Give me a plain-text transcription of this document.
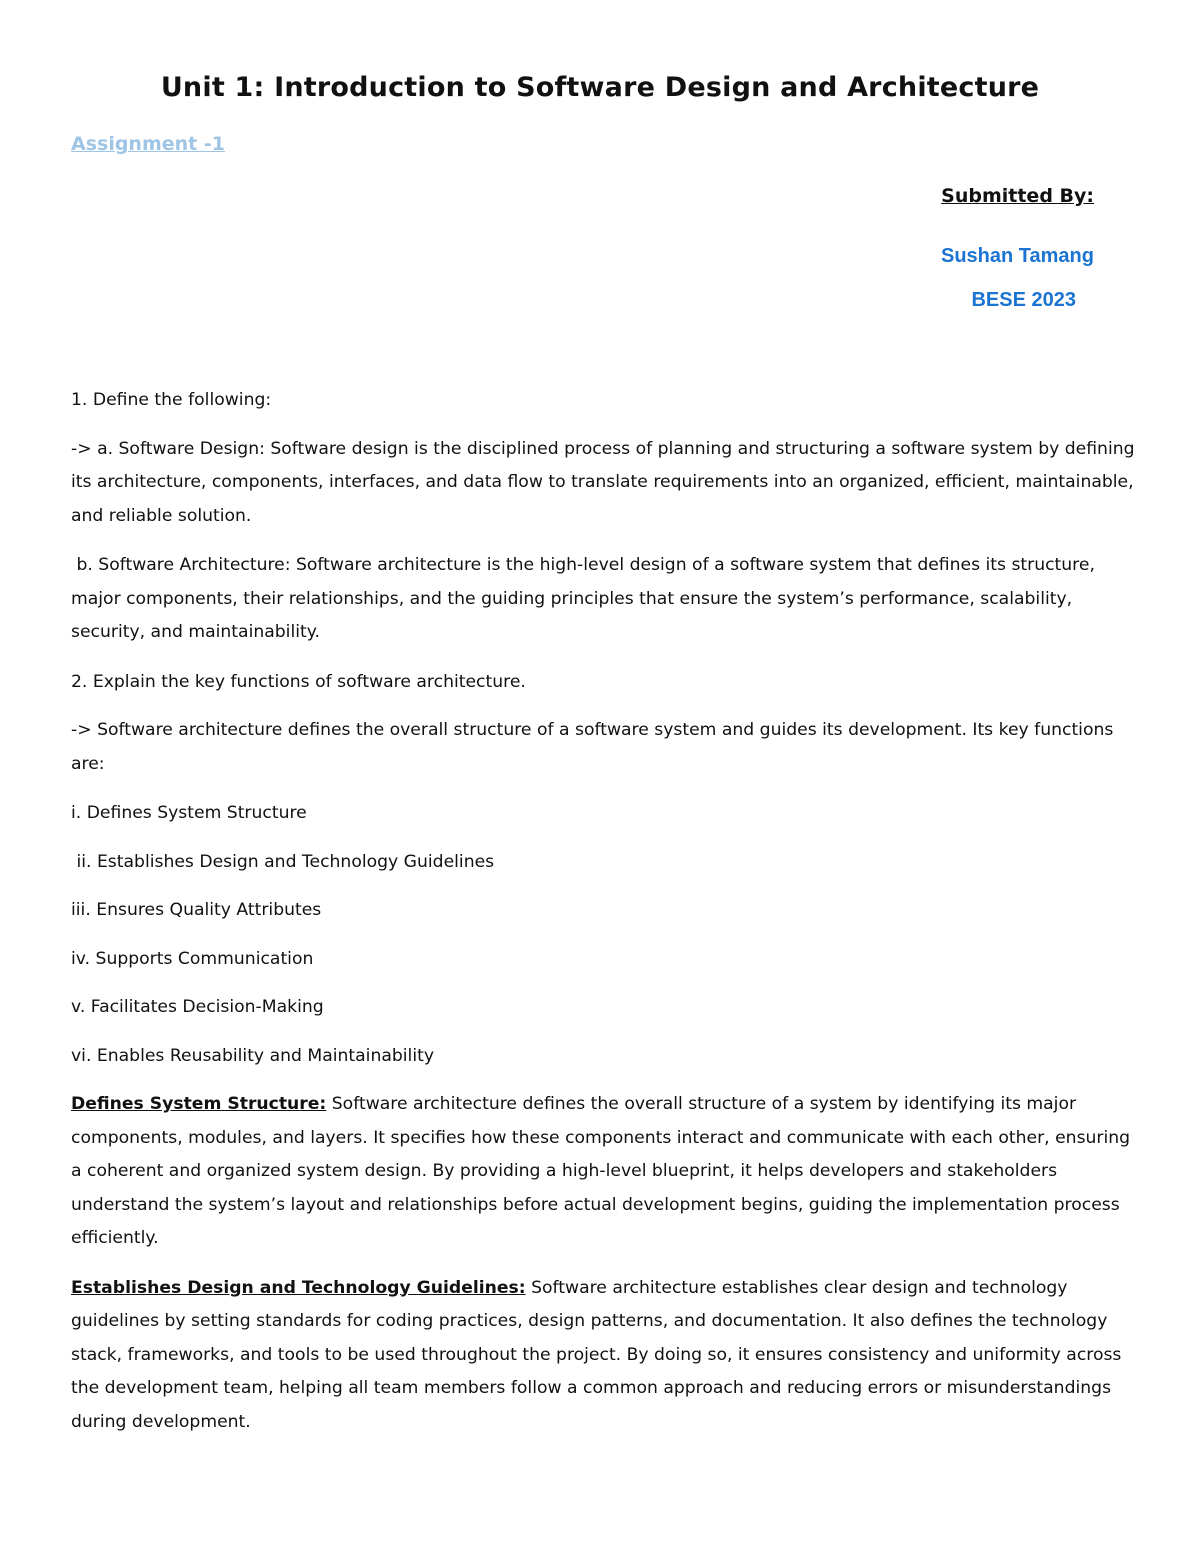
Unit 1: Introduction to Software Design and Architecture
Assignment -1
Submitted By:
Sushan Tamang
BESE 2023

1. Define the following:

-> a. Software Design: Software design is the disciplined process of planning and structuring a software system by defining its architecture, components, interfaces, and data flow to translate requirements into an organized, efficient, maintainable, and reliable solution.

b. Software Architecture: Software architecture is the high-level design of a software system that defines its structure, major components, their relationships, and the guiding principles that ensure the system’s performance, scalability, security, and maintainability.

2. Explain the key functions of software architecture.

-> Software architecture defines the overall structure of a software system and guides its development. Its key functions are:

i. Defines System Structure

ii. Establishes Design and Technology Guidelines

iii. Ensures Quality Attributes

iv. Supports Communication

v. Facilitates Decision-Making

vi. Enables Reusability and Maintainability

Defines System Structure: Software architecture defines the overall structure of a system by identifying its major components, modules, and layers. It specifies how these components interact and communicate with each other, ensuring a coherent and organized system design. By providing a high-level blueprint, it helps developers and stakeholders understand the system’s layout and relationships before actual development begins, guiding the implementation process efficiently.

Establishes Design and Technology Guidelines: Software architecture establishes clear design and technology guidelines by setting standards for coding practices, design patterns, and documentation. It also defines the technology stack, frameworks, and tools to be used throughout the project. By doing so, it ensures consistency and uniformity across the development team, helping all team members follow a common approach and reducing errors or misunderstandings during development.
